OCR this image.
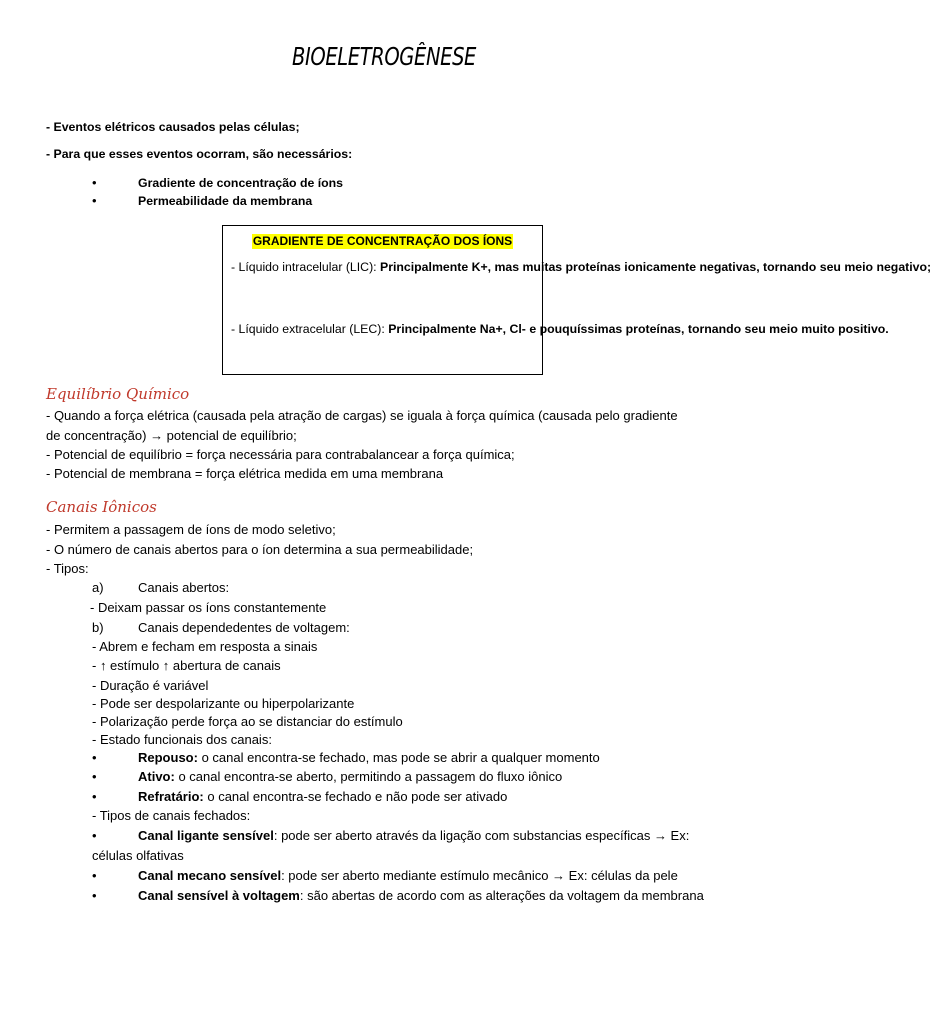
BIOELETROGÊNESE
- Eventos elétricos causados pelas células;
- Para que esses eventos ocorram, são necessários:
•	Gradiente de concentração de íons
•	Permeabilidade da membrana
GRADIENTE DE CONCENTRAÇÃO DOS ÍONS
- Líquido intracelular (LIC): Principalmente K+, mas muitas proteínas ionicamente negativas, tornando seu meio negativo;
- Líquido extracelular (LEC): Principalmente Na+, Cl- e pouquíssimas proteínas, tornando seu meio muito positivo.
Equilíbrio Químico
- Quando a força elétrica (causada pela atração de cargas) se iguala à força química (causada pelo gradiente
de concentração) → potencial de equilíbrio;
- Potencial de equilíbrio = força necessária para contrabalancear a força química;
- Potencial de membrana = força elétrica medida em uma membrana
Canais Iônicos
- Permitem a passagem de íons de modo seletivo;
- O número de canais abertos para o íon determina a sua permeabilidade;
- Tipos:
a)	Canais abertos:
- Deixam passar os íons constantemente
b)	Canais dependedentes de voltagem:
- Abrem e fecham em resposta a sinais
- ↑ estímulo ↑ abertura de canais
- Duração é variável
- Pode ser despolarizante ou hiperpolarizante
- Polarização perde força ao se distanciar do estímulo
- Estado funcionais dos canais:
•	Repouso: o canal encontra-se fechado, mas pode se abrir a qualquer momento
•	Ativo: o canal encontra-se aberto, permitindo a passagem do fluxo iônico
•	Refratário: o canal encontra-se fechado e não pode ser ativado
- Tipos de canais fechados:
•	Canal ligante sensível: pode ser aberto através da ligação com substancias específicas → Ex:
células olfativas
•	Canal mecano sensível: pode ser aberto mediante estímulo mecânico → Ex: células da pele
•	Canal sensível à voltagem: são abertas de acordo com as alterações da voltagem da membrana
